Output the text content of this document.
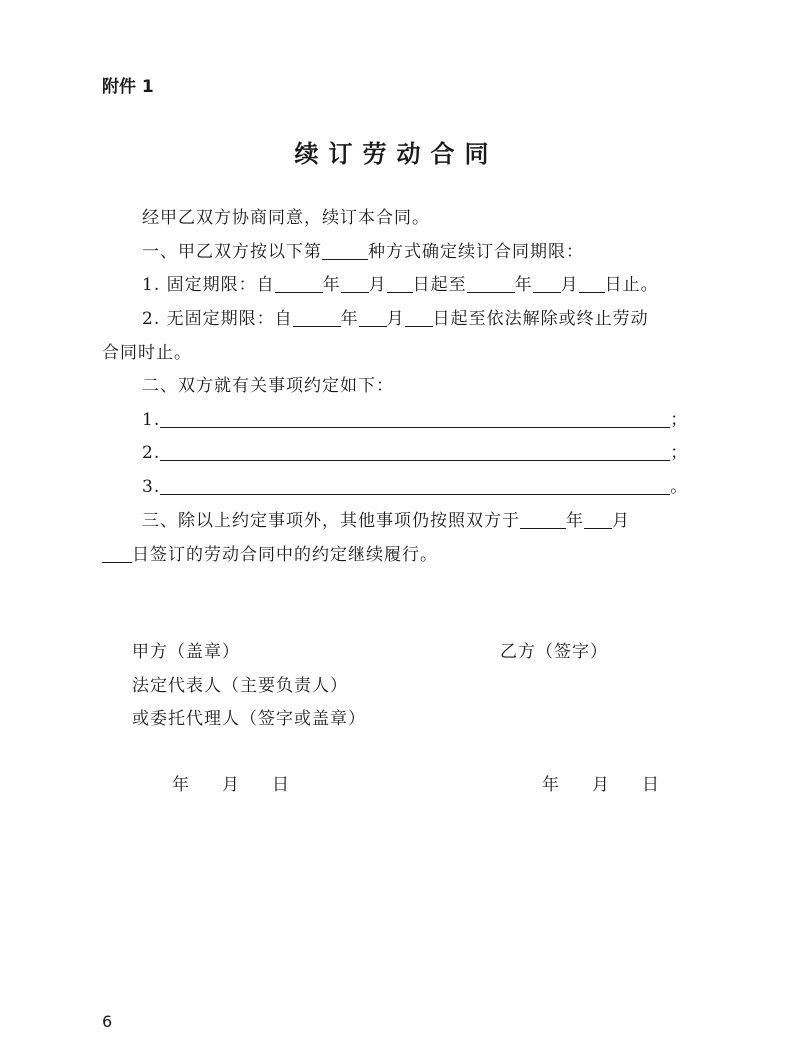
附件 1
续订劳动合同
经甲乙双方协商同意，续订本合同。
一、甲乙双方按以下第	种方式确定续订合同期限：
1. 固定期限：自	年 月 日起至	年 月 日止。
2. 无固定期限：自	年 月 日起至依法解除或终止劳动
合同时止。
二、双方就有关事项约定如下：
1.	；
2.	；
3.	。
三、除以上约定事项外，其他事项仍按照双方于	年 月
日签订的劳动合同中的约定继续履行。
甲方（盖章）	乙方（签字）
法定代表人（主要负责人）
或委托代理人（签字或盖章）
年 月 日	年 月 日
6
